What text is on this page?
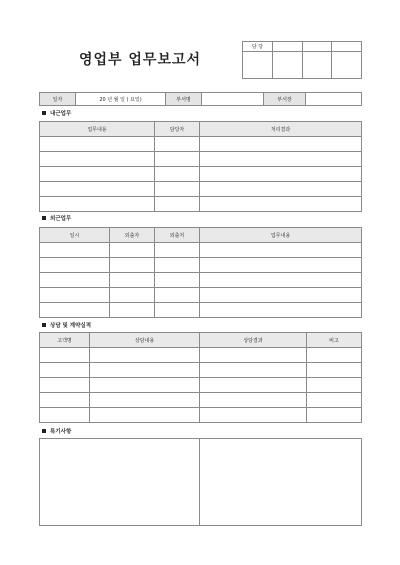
영업부 업무보고서
담 당			

일자	20 년 월 일 ( 요일)	부서명		부서장	
내근업무
업무내용	담당자	처리결과

외근업무
일시	외출자	외출처	업무내용

상담 및 계약실적
고객명	상담내용	상담결과	비고

특기사항
